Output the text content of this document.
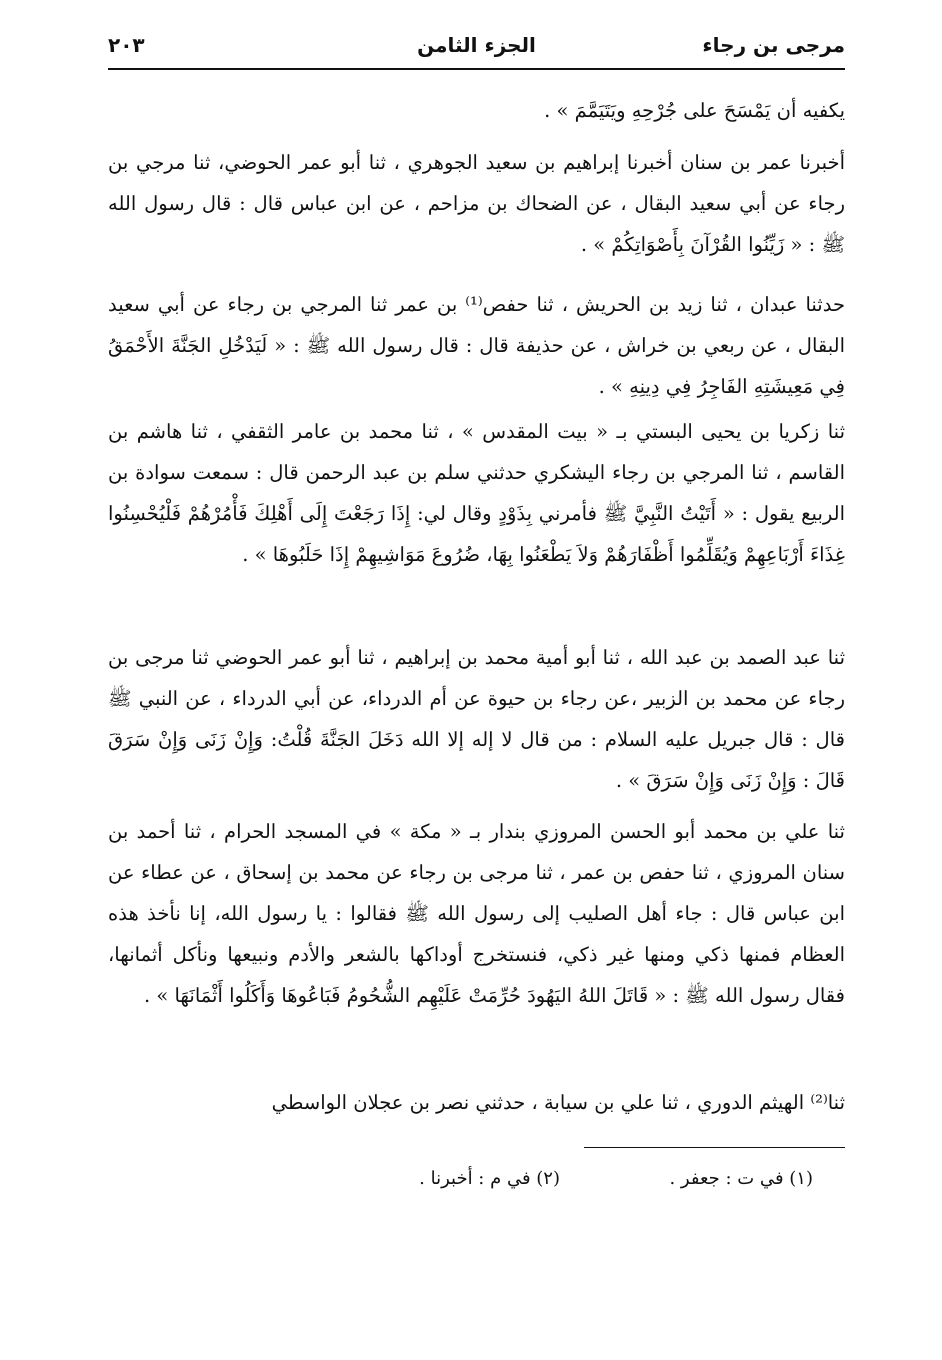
مرجى بن رجاء
الجزء الثامن
٢٠٣

يكفيه أن يَمْسَحَ على جُرْحِهِ ويَتَيَمَّمَ » .

أخبرنا عمر بن سنان أخبرنا إبراهيم بن سعيد الجوهري ، ثنا أبو عمر الحوضي، ثنا مرجي بن رجاء عن أبي سعيد البقال ، عن الضحاك بن مزاحم ، عن ابن عباس قال : قال رسول الله ﷺ : « زَيِّنُوا القُرْآنَ بِأَصْوَاتِكُمْ » .

حدثنا عبدان ، ثنا زيد بن الحريش ، ثنا حفص⁽¹⁾ بن عمر ثنا المرجي بن رجاء عن أبي سعيد البقال ، عن ربعي بن خراش ، عن حذيفة قال : قال رسول الله ﷺ : « لَيَدْخُلِ الجَنَّةَ الأَحْمَقُ فِي مَعِيشَتِهِ الفَاجِرُ فِي دِينِهِ » .

ثنا زكريا بن يحيى البستي بـ « بيت المقدس » ، ثنا محمد بن عامر الثقفي ، ثنا هاشم بن القاسم ، ثنا المرجي بن رجاء اليشكري حدثني سلم بن عبد الرحمن قال : سمعت سوادة بن الربيع يقول : « أَتَيْتُ النَّبِيَّ ﷺ فأمرني بِذَوْدٍ وقال لي: إِذَا رَجَعْتَ إِلَى أَهْلِكَ فَأْمُرْهُمْ فَلْيُحْسِنُوا غِذَاءَ أَرْبَاعِهِمْ وَيُقَلِّمُوا أَظْفَارَهُمْ وَلاَ يَطْعَنُوا بِهَا، ضُرُوعَ مَوَاشِيهِمْ إِذَا حَلَبُوهَا » .

ثنا عبد الصمد بن عبد الله ، ثنا أبو أمية محمد بن إبراهيم ، ثنا أبو عمر الحوضي ثنا مرجى بن رجاء عن محمد بن الزبير ،عن رجاء بن حيوة عن أم الدرداء، عن أبي الدرداء ، عن النبي ﷺ قال : قال جبريل عليه السلام : من قال لا إله إلا الله دَخَلَ الجَنَّةَ قُلْتُ: وَإِنْ زَنَى وَإِنْ سَرَقَ قَالَ : وَإِنْ زَنَى وَإِنْ سَرَقَ » .

ثنا علي بن محمد أبو الحسن المروزي بندار بـ « مكة » في المسجد الحرام ، ثنا أحمد بن سنان المروزي ، ثنا حفص بن عمر ، ثنا مرجى بن رجاء عن محمد بن إسحاق ، عن عطاء عن ابن عباس قال : جاء أهل الصليب إلى رسول الله ﷺ فقالوا : يا رسول الله، إنا نأخذ هذه العظام فمنها ذكي ومنها غير ذكي، فنستخرج أوداكها بالشعر والأدم ونبيعها ونأكل أثمانها، فقال رسول الله ﷺ : « قَاتَلَ اللهُ اليَهُودَ حُرِّمَتْ عَلَيْهِم الشُّحُومُ فَبَاعُوهَا وَأَكَلُوا أَثْمَانَهَا » .

ثنا⁽²⁾ الهيثم الدوري ، ثنا علي بن سيابة ، حدثني نصر بن عجلان الواسطي

(١) في ت : جعفر .
(٢) في م : أخبرنا .
